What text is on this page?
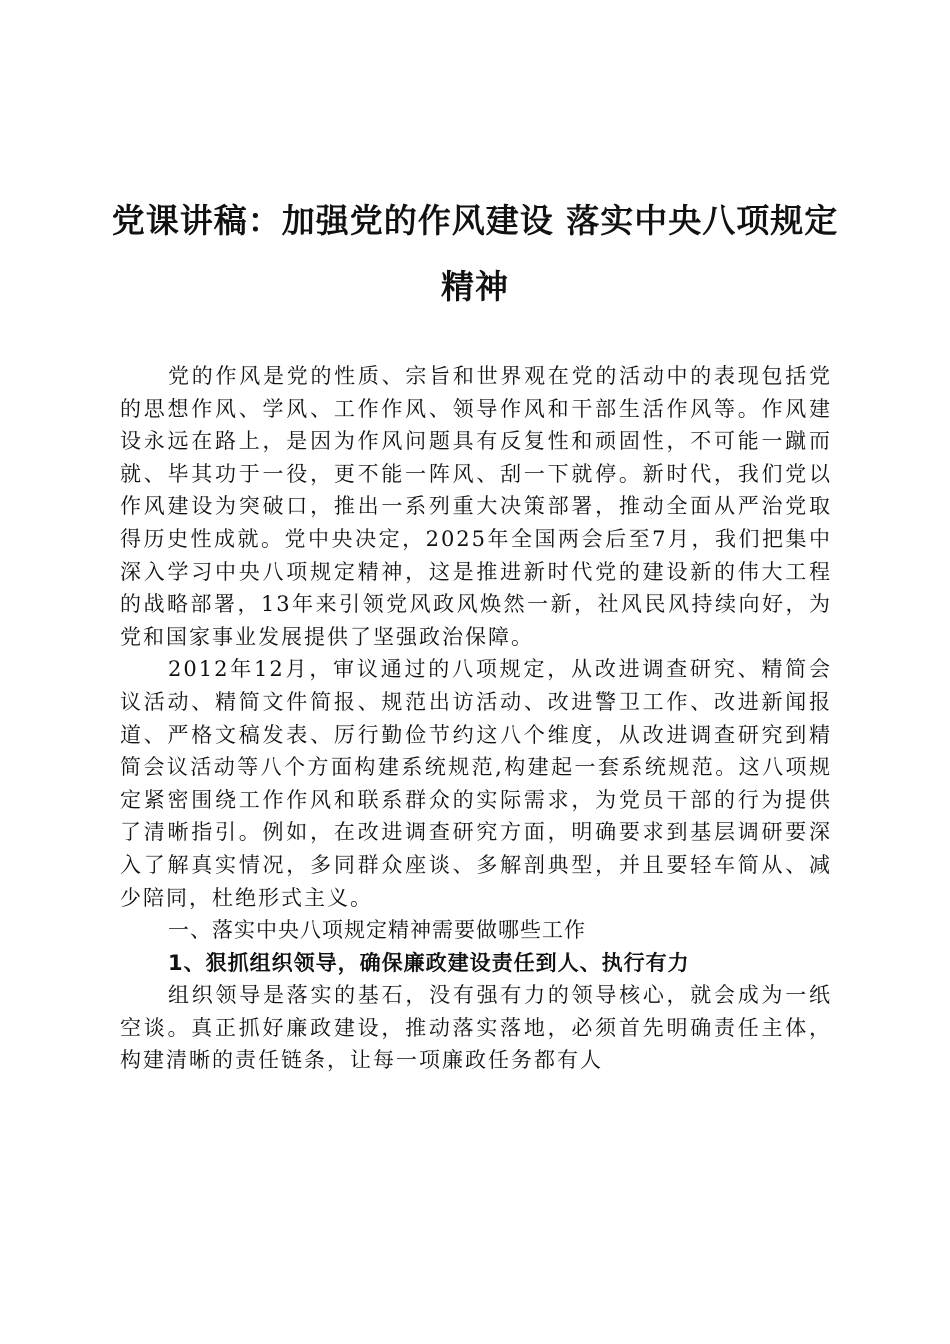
党课讲稿：加强党的作风建设 落实中央八项规定精神

党的作风是党的性质、宗旨和世界观在党的活动中的表现包括党的思想作风、学风、工作作风、领导作风和干部生活作风等。作风建设永远在路上，是因为作风问题具有反复性和顽固性，不可能一蹴而就、毕其功于一役，更不能一阵风、刮一下就停。新时代，我们党以作风建设为突破口，推出一系列重大决策部署，推动全面从严治党取得历史性成就。党中央决定，2025年全国两会后至7月，我们把集中深入学习中央八项规定精神，这是推进新时代党的建设新的伟大工程的战略部署，13年来引领党风政风焕然一新，社风民风持续向好，为党和国家事业发展提供了坚强政治保障。

2012年12月，审议通过的八项规定，从改进调查研究、精简会议活动、精简文件简报、规范出访活动、改进警卫工作、改进新闻报道、严格文稿发表、厉行勤俭节约这八个维度，从改进调查研究到精简会议活动等八个方面构建系统规范,构建起一套系统规范。这八项规定紧密围绕工作作风和联系群众的实际需求，为党员干部的行为提供了清晰指引。例如，在改进调查研究方面，明确要求到基层调研要深入了解真实情况，多同群众座谈、多解剖典型，并且要轻车简从、减少陪同，杜绝形式主义。

一、落实中央八项规定精神需要做哪些工作

1、狠抓组织领导，确保廉政建设责任到人、执行有力

组织领导是落实的基石，没有强有力的领导核心，就会成为一纸空谈。真正抓好廉政建设，推动落实落地，必须首先明确责任主体，构建清晰的责任链条，让每一项廉政任务都有人
